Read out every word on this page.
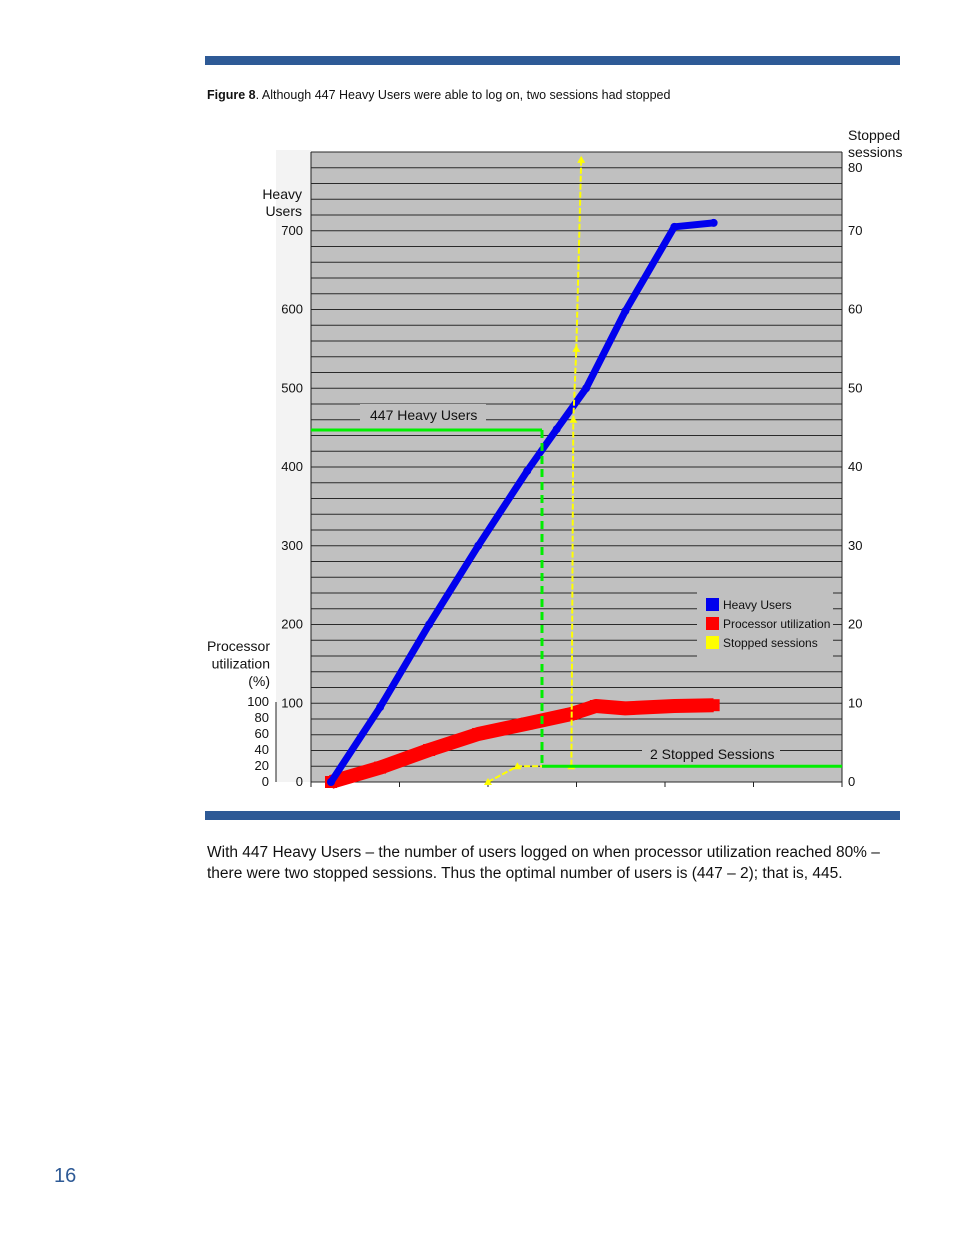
Figure 8. Although 447 Heavy Users were able to log on, two sessions had stopped
0
100
200
300
400
500
600
700
Heavy
Users
0
10
20
30
40
50
60
70
80
Stopped
sessions
0
20
40
60
80
100
Processor
utilization
(%)
447 Heavy Users
2 Stopped Sessions
Heavy Users
Processor utilization
Stopped sessions

With 447 Heavy Users – the number of users logged on when processor utilization reached 80% – there were two stopped sessions. Thus the optimal number of users is (447 – 2); that is, 445.

16
